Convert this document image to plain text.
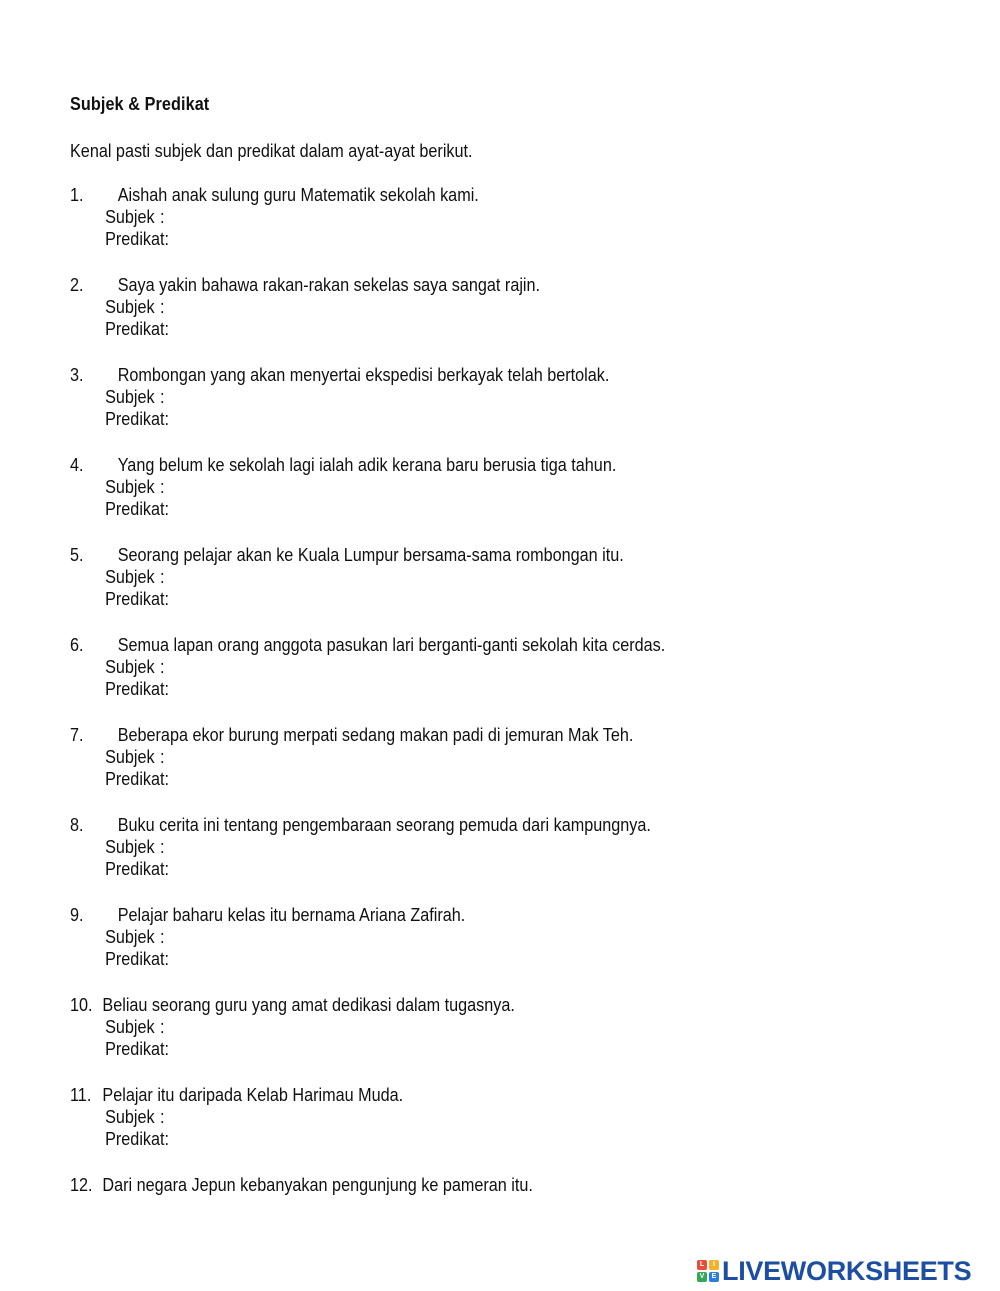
Subjek & Predikat
Kenal pasti subjek dan predikat dalam ayat-ayat berikut.
1. Aishah anak sulung guru Matematik sekolah kami.
Subjek :
Predikat:
2. Saya yakin bahawa rakan-rakan sekelas saya sangat rajin.
Subjek :
Predikat:
3. Rombongan yang akan menyertai ekspedisi berkayak telah bertolak.
Subjek :
Predikat:
4. Yang belum ke sekolah lagi ialah adik kerana baru berusia tiga tahun.
Subjek :
Predikat:
5. Seorang pelajar akan ke Kuala Lumpur bersama-sama rombongan itu.
Subjek :
Predikat:
6. Semua lapan orang anggota pasukan lari berganti-ganti sekolah kita cerdas.
Subjek :
Predikat:
7. Beberapa ekor burung merpati sedang makan padi di jemuran Mak Teh.
Subjek :
Predikat:
8. Buku cerita ini tentang pengembaraan seorang pemuda dari kampungnya.
Subjek :
Predikat:
9. Pelajar baharu kelas itu bernama Ariana Zafirah.
Subjek :
Predikat:
10. Beliau seorang guru yang amat dedikasi dalam tugasnya.
Subjek :
Predikat:
11. Pelajar itu daripada Kelab Harimau Muda.
Subjek :
Predikat:
12. Dari negara Jepun kebanyakan pengunjung ke pameran itu.
L	I
V	E LIVEWORKSHEETS
